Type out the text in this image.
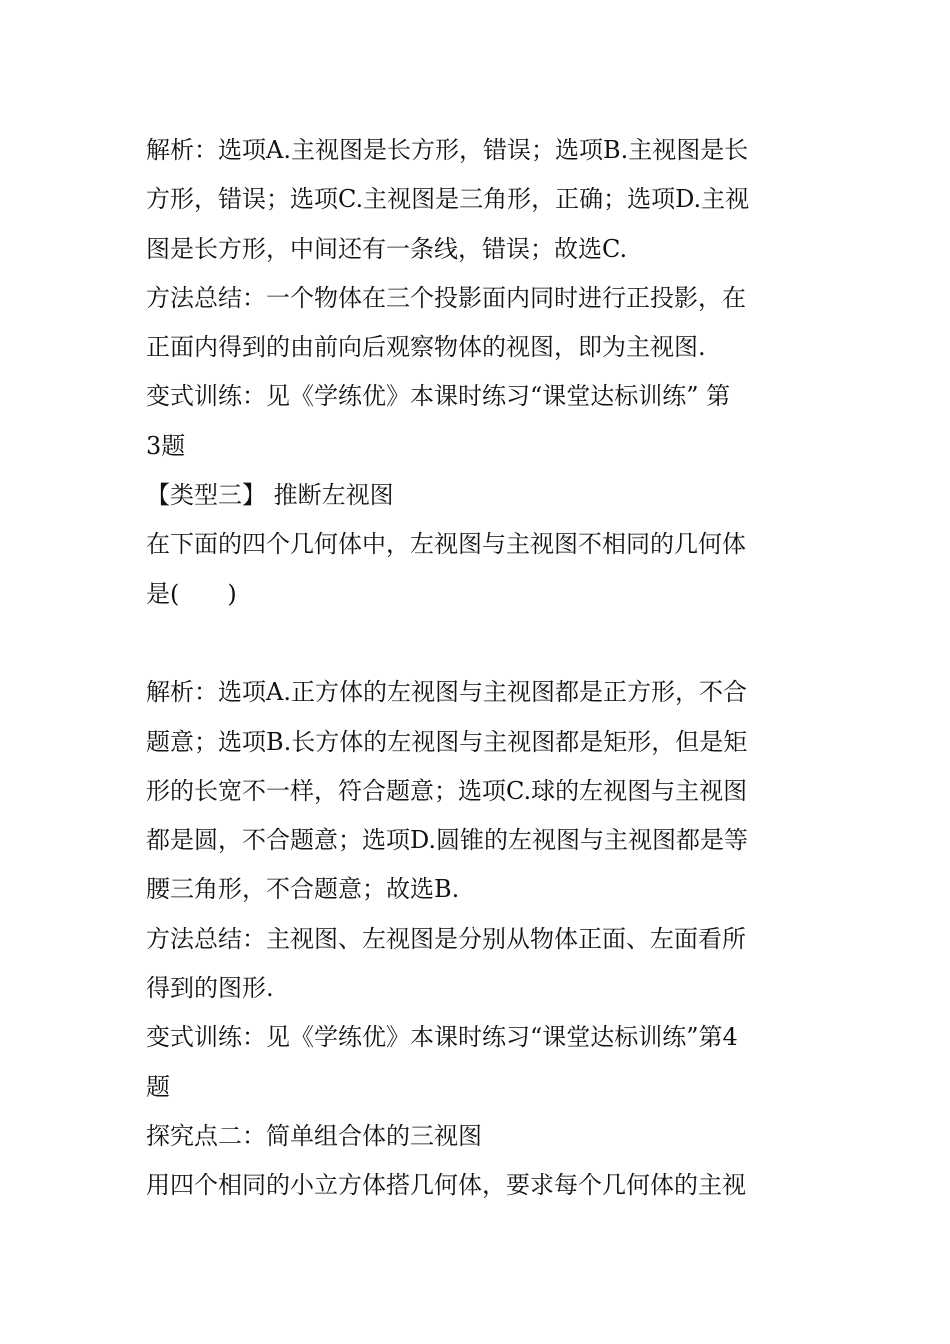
解析：选项A.主视图是长方形，错误；选项B.主视图是长
方形，错误；选项C.主视图是三角形，正确；选项D.主视
图是长方形，中间还有一条线，错误；故选C.
方法总结：一个物体在三个投影面内同时进行正投影，在
正面内得到的由前向后观察物体的视图，即为主视图.
变式训练：见《学练优》本课时练习“课堂达标训练” 第
3题
【类型三】 推断左视图
在下面的四个几何体中，左视图与主视图不相同的几何体
是(　　)
解析：选项A.正方体的左视图与主视图都是正方形，不合
题意；选项B.长方体的左视图与主视图都是矩形，但是矩
形的长宽不一样，符合题意；选项C.球的左视图与主视图
都是圆，不合题意；选项D.圆锥的左视图与主视图都是等
腰三角形，不合题意；故选B.
方法总结：主视图、左视图是分别从物体正面、左面看所
得到的图形.
变式训练：见《学练优》本课时练习“课堂达标训练”第4
题
探究点二：简单组合体的三视图
用四个相同的小立方体搭几何体，要求每个几何体的主视
